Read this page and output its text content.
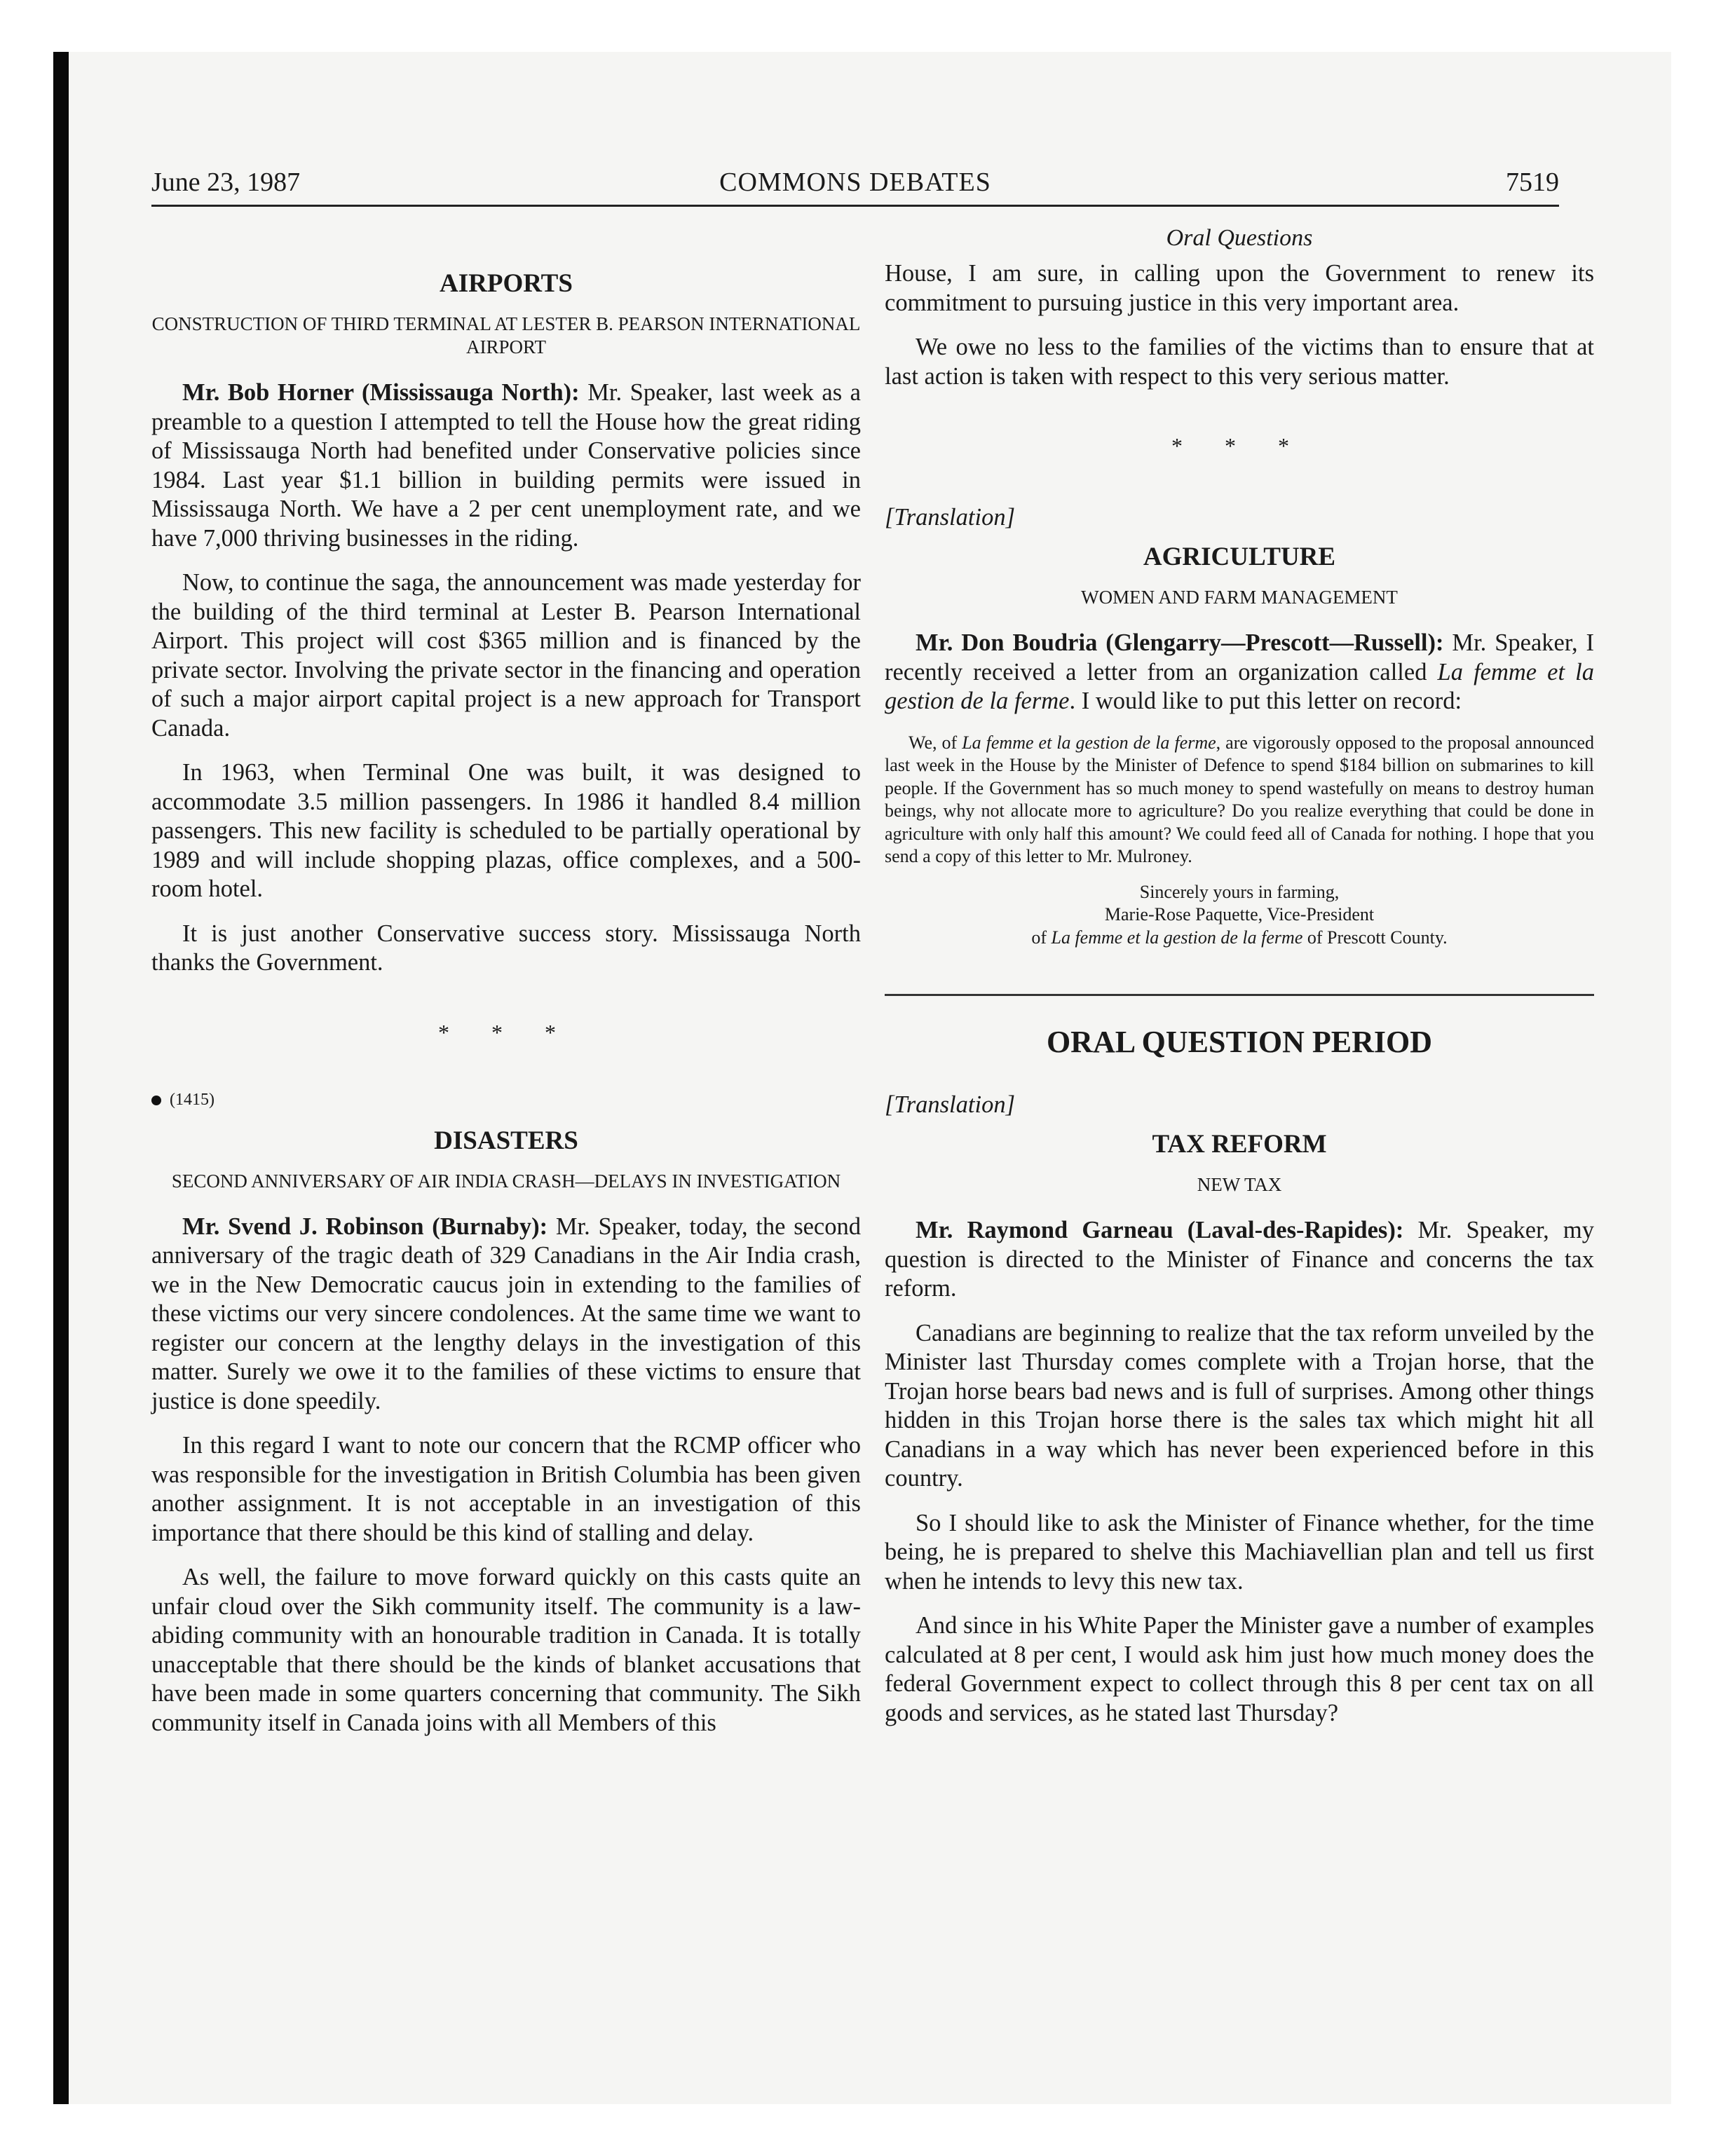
June 23, 1987	COMMONS DEBATES	7519
AIRPORTS
CONSTRUCTION OF THIRD TERMINAL AT LESTER B. PEARSON INTERNATIONAL AIRPORT

Mr. Bob Horner (Mississauga North): Mr. Speaker, last week as a preamble to a question I attempted to tell the House how the great riding of Mississauga North had benefited under Conservative policies since 1984. Last year $1.1 billion in building permits were issued in Mississauga North. We have a 2 per cent unemployment rate, and we have 7,000 thriving businesses in the riding.

Now, to continue the saga, the announcement was made yesterday for the building of the third terminal at Lester B. Pearson International Airport. This project will cost $365 million and is financed by the private sector. Involving the private sector in the financing and operation of such a major airport capital project is a new approach for Transport Canada.

In 1963, when Terminal One was built, it was designed to accommodate 3.5 million passengers. In 1986 it handled 8.4 million passengers. This new facility is scheduled to be partially operational by 1989 and will include shopping plazas, office complexes, and a 500-room hotel.

It is just another Conservative success story. Mississauga North thanks the Government.

* * *
(1415)
DISASTERS
SECOND ANNIVERSARY OF AIR INDIA CRASH—DELAYS IN INVESTIGATION

Mr. Svend J. Robinson (Burnaby): Mr. Speaker, today, the second anniversary of the tragic death of 329 Canadians in the Air India crash, we in the New Democratic caucus join in extending to the families of these victims our very sincere condolences. At the same time we want to register our concern at the lengthy delays in the investigation of this matter. Surely we owe it to the families of these victims to ensure that justice is done speedily.

In this regard I want to note our concern that the RCMP officer who was responsible for the investigation in British Columbia has been given another assignment. It is not acceptable in an investigation of this importance that there should be this kind of stalling and delay.

As well, the failure to move forward quickly on this casts quite an unfair cloud over the Sikh community itself. The community is a law-abiding community with an honourable tradition in Canada. It is totally unacceptable that there should be the kinds of blanket accusations that have been made in some quarters concerning that community. The Sikh community itself in Canada joins with all Members of this

Oral Questions

House, I am sure, in calling upon the Government to renew its commitment to pursuing justice in this very important area.

We owe no less to the families of the victims than to ensure that at last action is taken with respect to this very serious matter.

* * *
[Translation]
AGRICULTURE
WOMEN AND FARM MANAGEMENT

Mr. Don Boudria (Glengarry—Prescott—Russell): Mr. Speaker, I recently received a letter from an organization called La femme et la gestion de la ferme. I would like to put this letter on record:

We, of La femme et la gestion de la ferme, are vigorously opposed to the proposal announced last week in the House by the Minister of Defence to spend $184 billion on submarines to kill people. If the Government has so much money to spend wastefully on means to destroy human beings, why not allocate more to agriculture? Do you realize everything that could be done in agriculture with only half this amount? We could feed all of Canada for nothing. I hope that you send a copy of this letter to Mr. Mulroney.

Sincerely yours in farming,

Marie-Rose Paquette, Vice-President

of La femme et la gestion de la ferme of Prescott County.

ORAL QUESTION PERIOD
[Translation]
TAX REFORM
NEW TAX

Mr. Raymond Garneau (Laval-des-Rapides): Mr. Speaker, my question is directed to the Minister of Finance and concerns the tax reform.

Canadians are beginning to realize that the tax reform unveiled by the Minister last Thursday comes complete with a Trojan horse, that the Trojan horse bears bad news and is full of surprises. Among other things hidden in this Trojan horse there is the sales tax which might hit all Canadians in a way which has never been experienced before in this country.

So I should like to ask the Minister of Finance whether, for the time being, he is prepared to shelve this Machiavellian plan and tell us first when he intends to levy this new tax.

And since in his White Paper the Minister gave a number of examples calculated at 8 per cent, I would ask him just how much money does the federal Government expect to collect through this 8 per cent tax on all goods and services, as he stated last Thursday?
